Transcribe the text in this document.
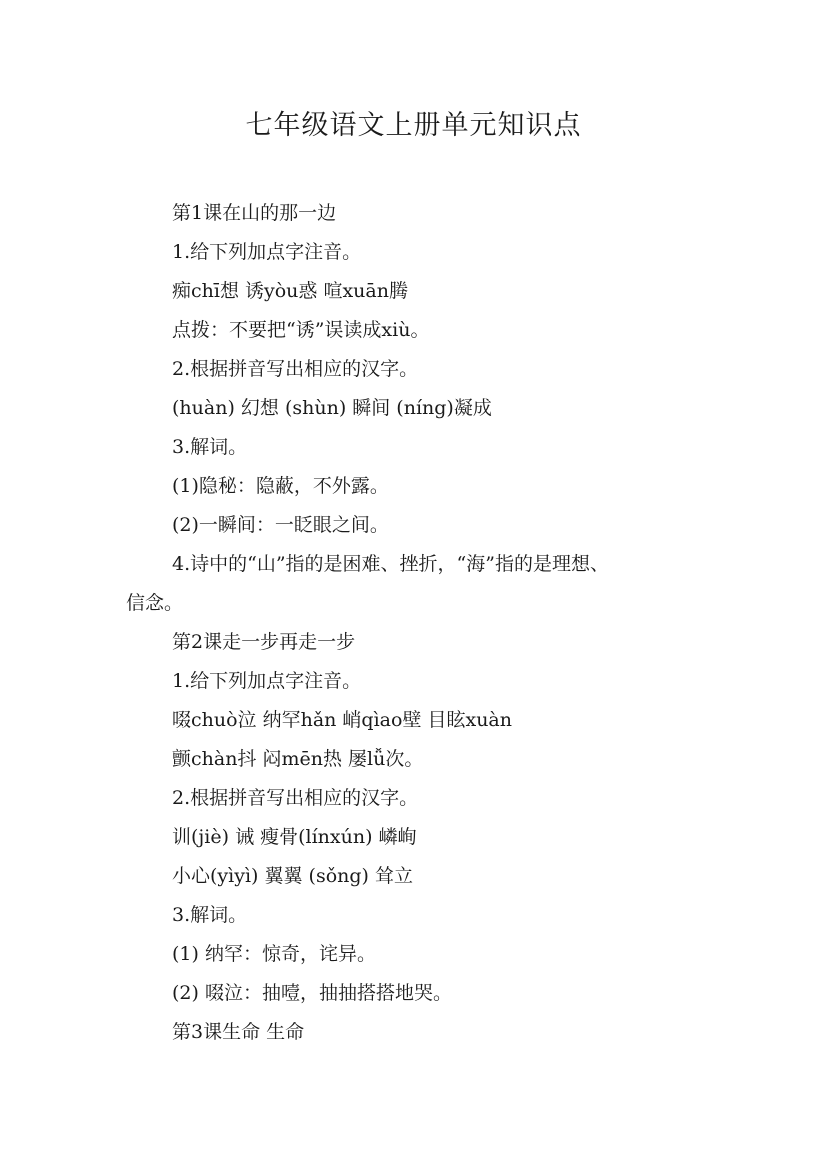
七年级语文上册单元知识点
第1课在山的那一边
1.给下列加点字注音。
痴chī想 诱yòu惑 喧xuān腾
点拨：不要把“诱”误读成xiù。
2.根据拼音写出相应的汉字。
(huàn) 幻想 (shùn) 瞬间 (níng)凝成
3.解词。
(1)隐秘：隐蔽，不外露。
(2)一瞬间：一眨眼之间。
4.诗中的“山”指的是困难、挫折，“海”指的是理想、
信念。
第2课走一步再走一步
1.给下列加点字注音。
啜chuò泣 纳罕hǎn 峭qìao壁 目眩xuàn
颤chàn抖 闷mēn热 屡lǚ次。
2.根据拼音写出相应的汉字。
训(jiè) 诫 瘦骨(línxún) 嶙峋
小心(yìyì) 翼翼 (sǒng) 耸立
3.解词。
(1) 纳罕：惊奇，诧异。
(2) 啜泣：抽噎，抽抽搭搭地哭。
第3课生命 生命
